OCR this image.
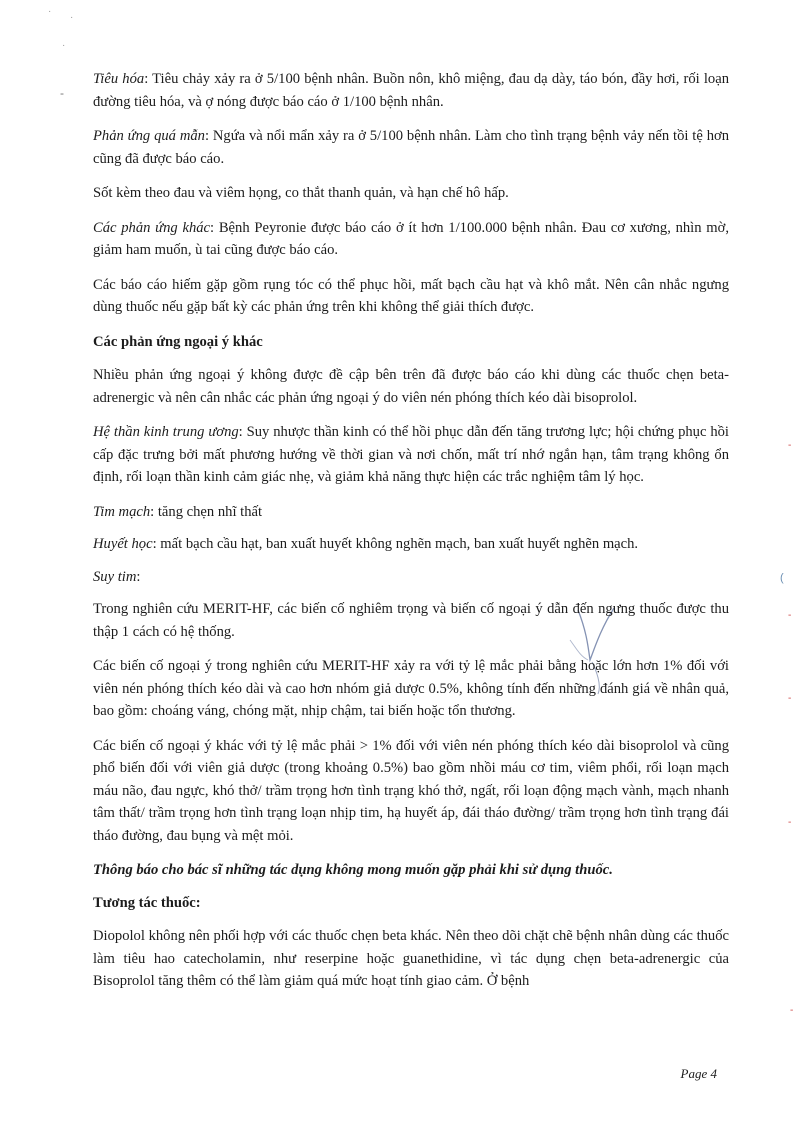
·
·
·
-
-
(
-
-
-
-

Tiêu hóa: Tiêu chảy xảy ra ở 5/100 bệnh nhân. Buồn nôn, khô miệng, đau dạ dày, táo bón, đầy hơi, rối loạn đường tiêu hóa, và ợ nóng được báo cáo ở 1/100 bệnh nhân.

Phản ứng quá mẫn: Ngứa và nổi mẩn xảy ra ở 5/100 bệnh nhân. Làm cho tình trạng bệnh vảy nến tồi tệ hơn cũng đã được báo cáo.

Sốt kèm theo đau và viêm họng, co thắt thanh quản, và hạn chế hô hấp.

Các phản ứng khác: Bệnh Peyronie được báo cáo ở ít hơn 1/100.000 bệnh nhân. Đau cơ xương, nhìn mờ, giảm ham muốn, ù tai cũng được báo cáo.

Các báo cáo hiếm gặp gồm rụng tóc có thể phục hồi, mất bạch cầu hạt và khô mắt. Nên cân nhắc ngưng dùng thuốc nếu gặp bất kỳ các phản ứng trên khi không thể giải thích được.

Các phản ứng ngoại ý khác

Nhiều phản ứng ngoại ý không được đề cập bên trên đã được báo cáo khi dùng các thuốc chẹn beta-adrenergic và nên cân nhắc các phản ứng ngoại ý do viên nén phóng thích kéo dài bisoprolol.

Hệ thần kinh trung ương: Suy nhược thần kinh có thể hồi phục dẫn đến tăng trương lực; hội chứng phục hồi cấp đặc trưng bởi mất phương hướng về thời gian và nơi chốn, mất trí nhớ ngắn hạn, tâm trạng không ổn định, rối loạn thần kinh cảm giác nhẹ, và giảm khả năng thực hiện các trắc nghiệm tâm lý học.

Tim mạch: tăng chẹn nhĩ thất

Huyết học: mất bạch cầu hạt, ban xuất huyết không nghẽn mạch, ban xuất huyết nghẽn mạch.

Suy tim:

Trong nghiên cứu MERIT-HF, các biến cố nghiêm trọng và biến cố ngoại ý dẫn đến ngưng thuốc được thu thập 1 cách có hệ thống.

Các biến cố ngoại ý trong nghiên cứu MERIT-HF xảy ra với tỷ lệ mắc phải bằng hoặc lớn hơn 1% đối với viên nén phóng thích kéo dài và cao hơn nhóm giả dược 0.5%, không tính đến những đánh giá về nhân quả, bao gồm: choáng váng, chóng mặt, nhịp chậm, tai biến hoặc tổn thương.

Các biến cố ngoại ý khác với tỷ lệ mắc phải > 1% đối với viên nén phóng thích kéo dài bisoprolol và cũng phổ biến đối với viên giả dược (trong khoảng 0.5%) bao gồm nhồi máu cơ tim, viêm phổi, rối loạn mạch máu não, đau ngực, khó thở/ trầm trọng hơn tình trạng khó thở, ngất, rối loạn động mạch vành, mạch nhanh tâm thất/ trầm trọng hơn tình trạng loạn nhịp tim, hạ huyết áp, đái tháo đường/ trầm trọng hơn tình trạng đái tháo đường, đau bụng và mệt mỏi.

Thông báo cho bác sĩ những tác dụng không mong muốn gặp phải khi sử dụng thuốc.

Tương tác thuốc:

Diopolol không nên phối hợp với các thuốc chẹn beta khác. Nên theo dõi chặt chẽ bệnh nhân dùng các thuốc làm tiêu hao catecholamin, như reserpine hoặc guanethidine, vì tác dụng chẹn beta-adrenergic của Bisoprolol tăng thêm có thể làm giảm quá mức hoạt tính giao cảm. Ở bệnh

Page 4
